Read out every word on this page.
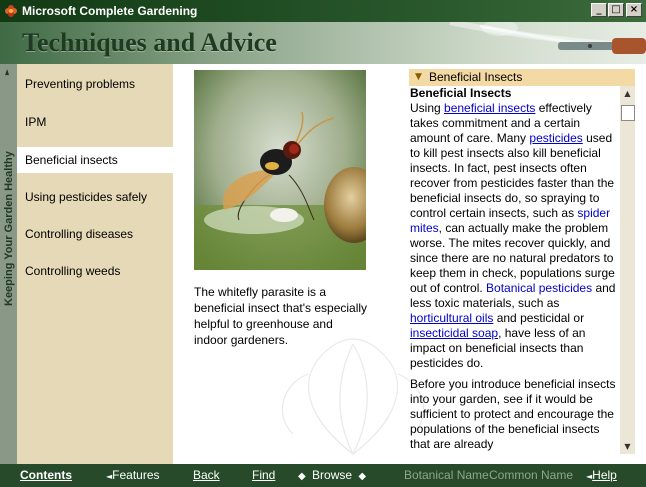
Microsoft Complete Gardening	_ □ ×
Techniques and Advice
Keeping Your Garden Healthy
◄
Preventing problems
IPM
Beneficial insects
Using pesticides safely
Controlling diseases
Controlling weeds
The whitefly parasite is a beneficial insect that's especially helpful to greenhouse and indoor gardeners.
▼ Beneficial Insects
Beneficial Insects

Using beneficial insects effectively takes commitment and a certain amount of care. Many pesticides used to kill pest insects also kill beneficial insects. In fact, pest insects often recover from pesticides faster than the beneficial insects do, so spraying to control certain insects, such as spider mites, can actually make the problem worse. The mites recover quickly, and since there are no natural predators to keep them in check, populations surge out of control. Botanical pesticides and less toxic materials, such as horticultural oils and pesticidal or insecticidal soap, have less of an impact on beneficial insects than pesticides do.

Before you introduce beneficial insects into your garden, see if it would be sufficient to protect and encourage the populations of the beneficial insects that are already

▲
▼
Contents	◄Features	Back	Find ◆ Browse ◆	Botanical Name Common Name ◄Help
